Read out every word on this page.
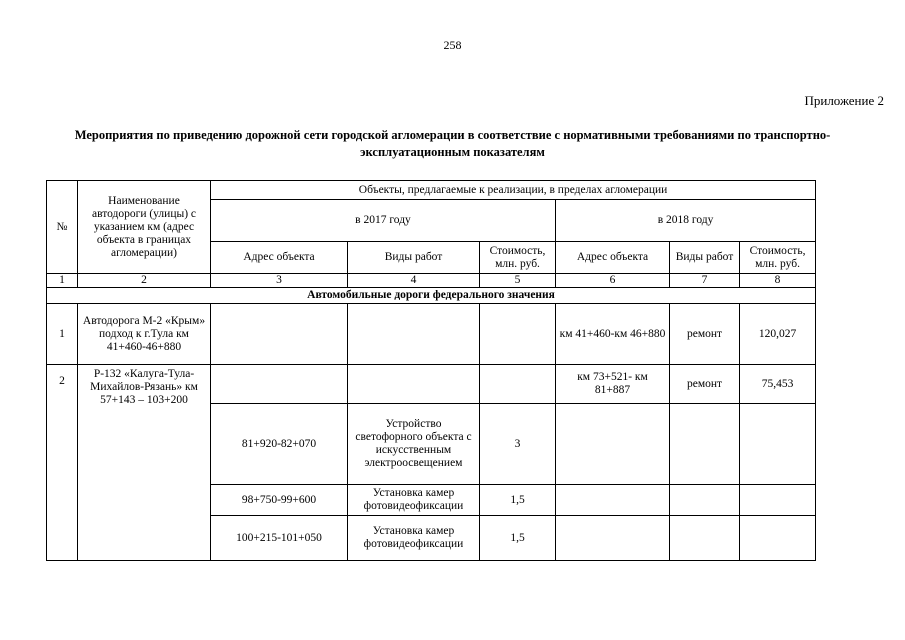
258
Приложение 2
Мероприятия по приведению дорожной сети городской агломерации в соответствие с нормативными требованиями по транспортно-эксплуатационным показателям
№	Наименование автодороги (улицы) с указанием км (адрес объекта в границах агломерации)	Объекты, предлагаемые к реализации, в пределах агломерации					
		в 2017 году			в 2018 году		
		Адрес объекта	Виды работ	Стоимость, млн. руб.	Адрес объекта	Виды работ	Стоимость, млн. руб.
1	2	3	4	5	6	7	8
Автомобильные дороги федерального значения							
1	Автодорога М-2 «Крым» подход к г.Тула км 41+460-46+880				км 41+460-км 46+880	ремонт	120,027
2	Р-132 «Калуга-Тула-Михайлов-Рязань» км 57+143 – 103+200				км 73+521- км 81+887	ремонт	75,453
		81+920-82+070	Устройство светофорного объекта с искусственным электроосвещением	3			
		98+750-99+600	Установка камер фотовидеофиксации	1,5			
		100+215-101+050	Установка камер фотовидеофиксации	1,5			
